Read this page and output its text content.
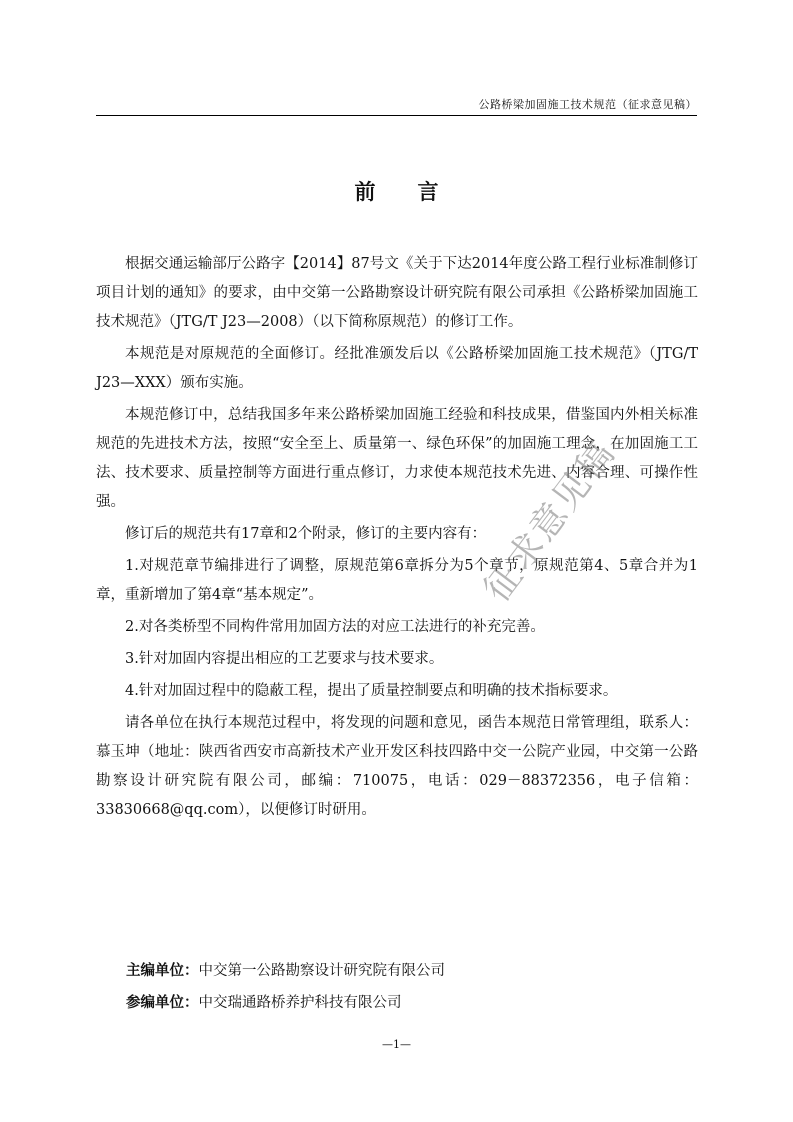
公路桥梁加固施工技术规范（征求意见稿）
前言

根据交通运输部厅公路字【2014】87号文《关于下达2014年度公路工程行业标准制修订项目计划的通知》的要求，由中交第一公路勘察设计研究院有限公司承担《公路桥梁加固施工技术规范》（JTG/T J23—2008）（以下简称原规范）的修订工作。

本规范是对原规范的全面修订。经批准颁发后以《公路桥梁加固施工技术规范》（JTG/T J23—XXX）颁布实施。

本规范修订中，总结我国多年来公路桥梁加固施工经验和科技成果，借鉴国内外相关标准规范的先进技术方法，按照“安全至上、质量第一、绿色环保”的加固施工理念，在加固施工工法、技术要求、质量控制等方面进行重点修订，力求使本规范技术先进、内容合理、可操作性强。

修订后的规范共有17章和2个附录，修订的主要内容有：

1.对规范章节编排进行了调整，原规范第6章拆分为5个章节，原规范第4、5章合并为1章，重新增加了第4章“基本规定”。

2.对各类桥型不同构件常用加固方法的对应工法进行的补充完善。

3.针对加固内容提出相应的工艺要求与技术要求。

4.针对加固过程中的隐蔽工程，提出了质量控制要点和明确的技术指标要求。

请各单位在执行本规范过程中，将发现的问题和意见，函告本规范日常管理组，联系人：慕玉坤（地址：陕西省西安市高新技术产业开发区科技四路中交一公院产业园，中交第一公路勘察设计研究院有限公司，邮编：710075，电话：029－88372356，电子信箱：33830668@qq.com），以便修订时研用。

主编单位：中交第一公路勘察设计研究院有限公司
参编单位：中交瑞通路桥养护科技有限公司
—1—
征求意见稿
